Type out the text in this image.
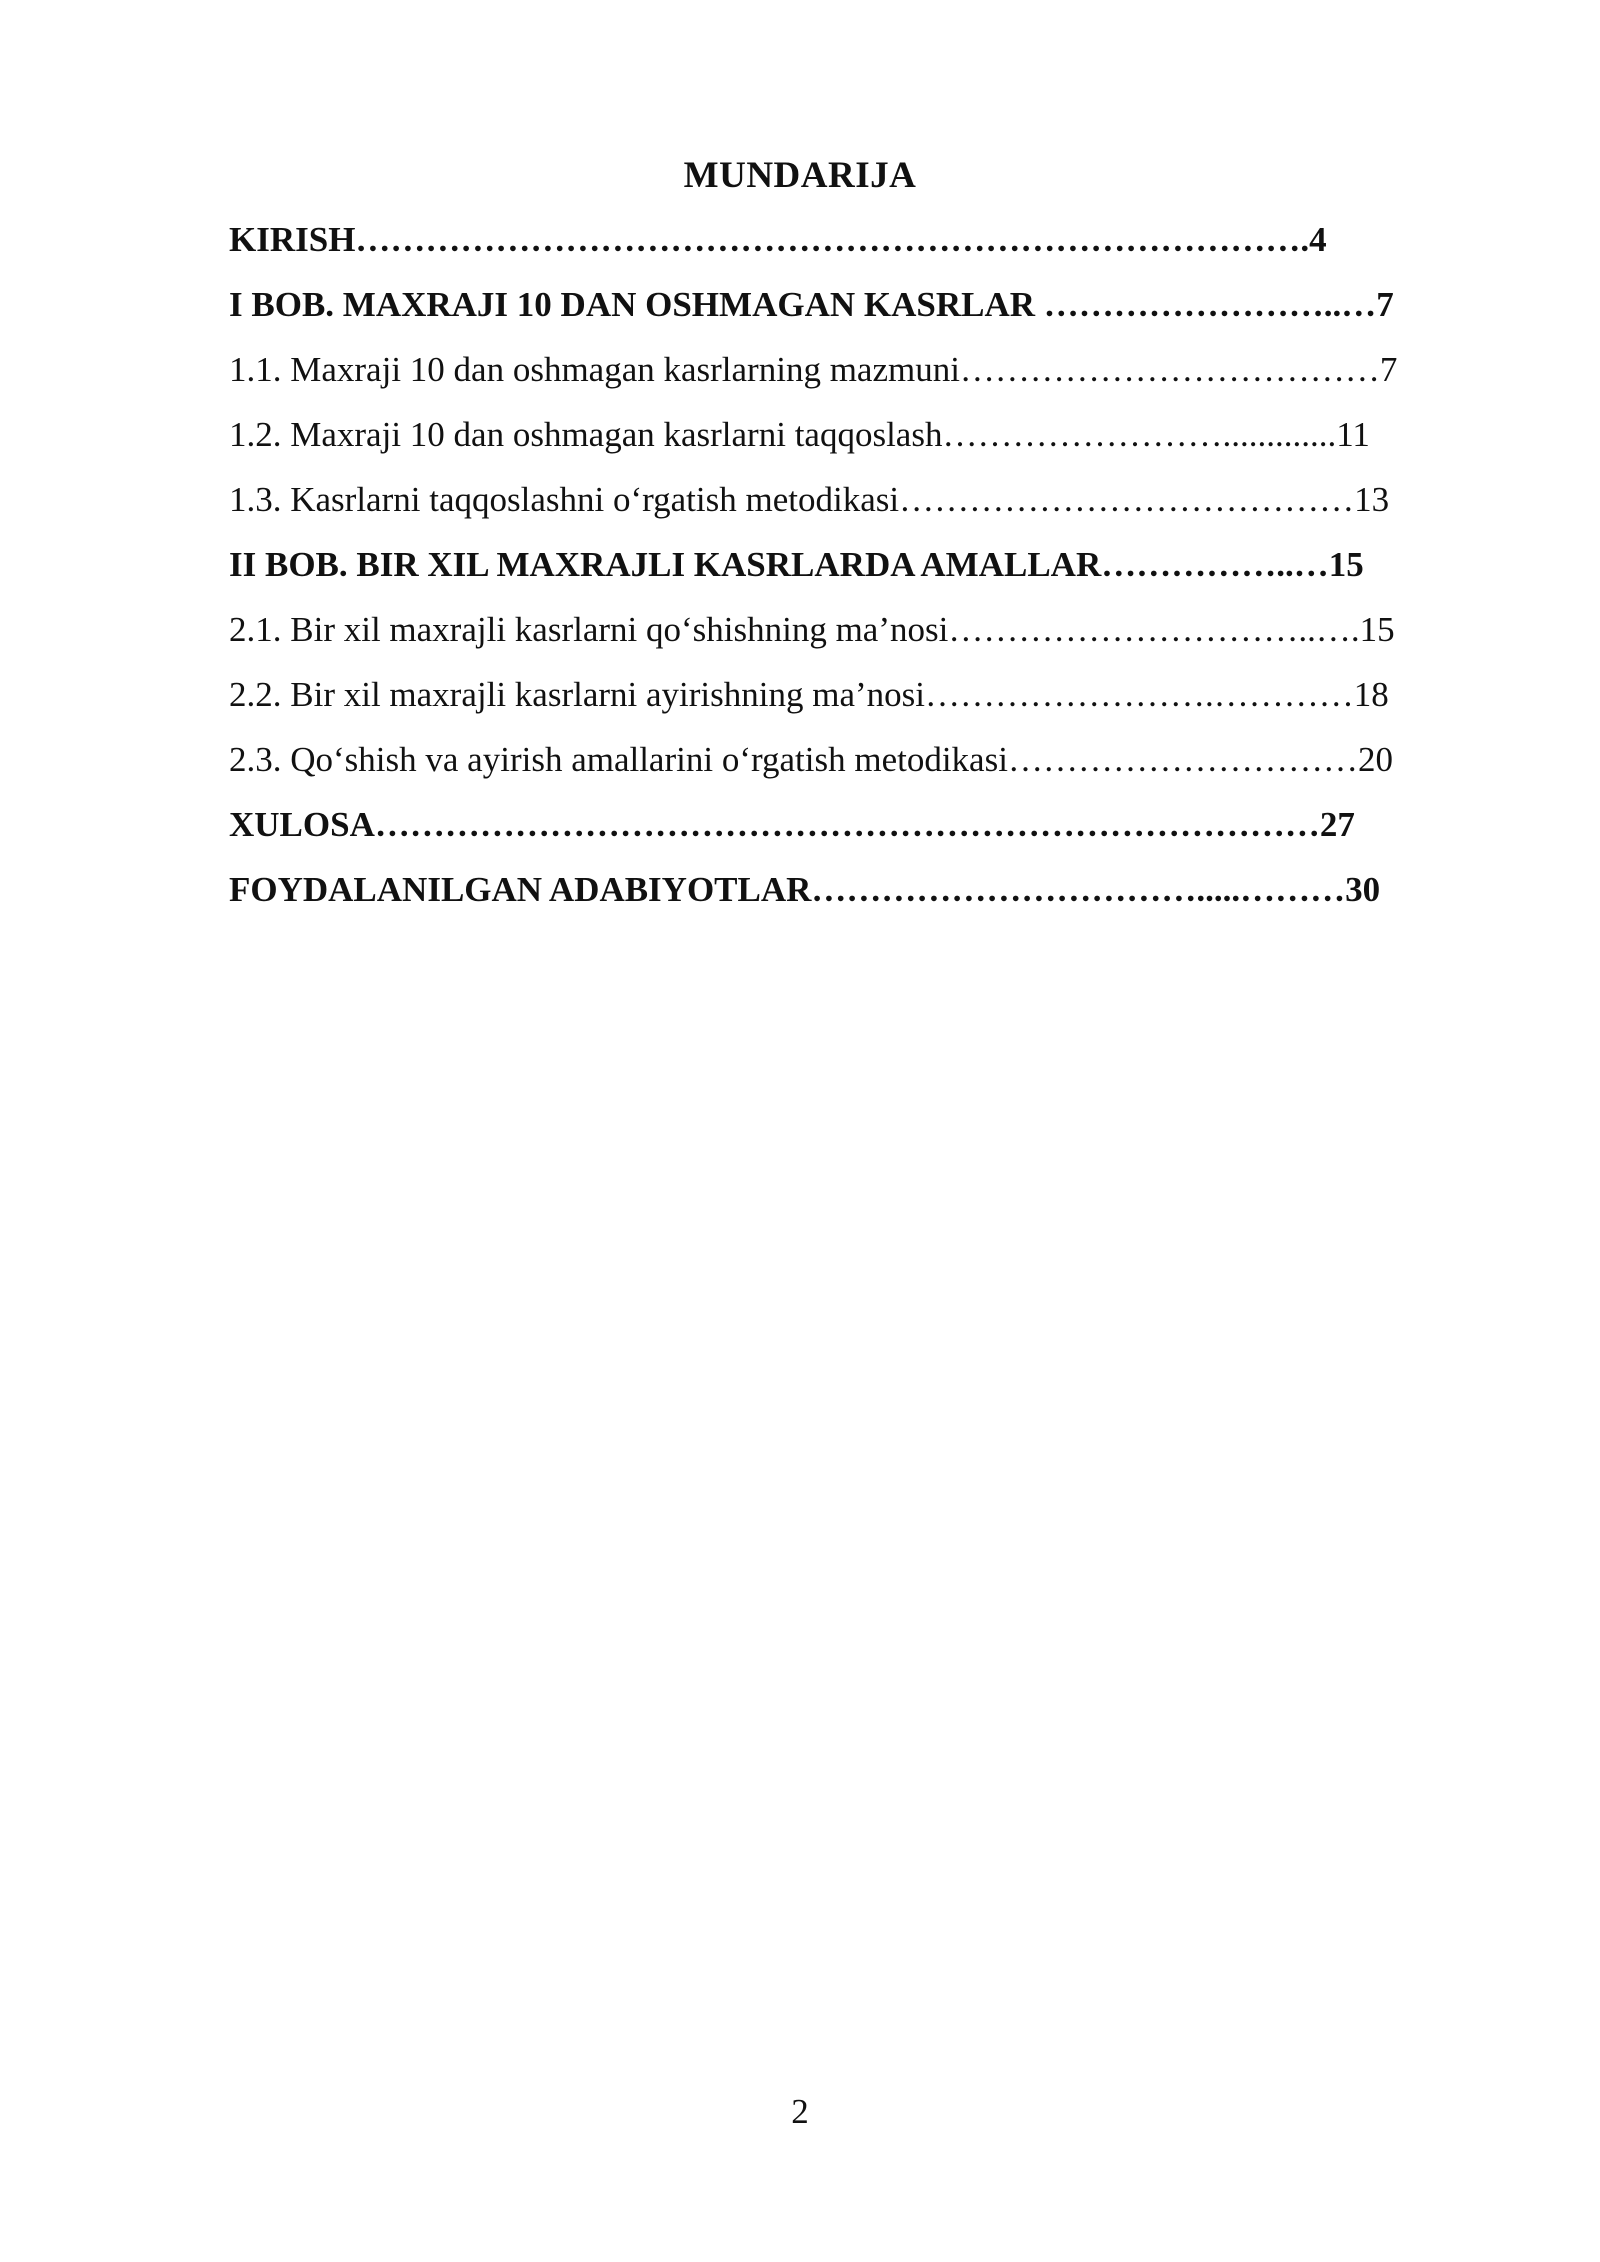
MUNDARIJA
KIRISH……………………………………………………………………….4
I BOB. MAXRAJI 10 DAN OSHMAGAN KASRLAR ……………………..…7
1.1. Maxraji 10 dan oshmagan kasrlarning mazmuni………………………………7
1.2. Maxraji 10 dan oshmagan kasrlarni taqqoslash…………………….............11
1.3. Kasrlarni taqqoslashni o‘rgatish metodikasi…………………………………13
II BOB. BIR XIL MAXRAJLI KASRLARDA AMALLAR……………..…15
2.1. Bir xil maxrajli kasrlarni qo‘shishning ma’nosi…………………………..….15
2.2. Bir xil maxrajli kasrlarni ayirishning ma’nosi…………………….…………18
2.3. Qo‘shish va ayirish amallarini o‘rgatish metodikasi…………………………20
XULOSA………………………………………………………………………27
FOYDALANILGAN ADABIYOTLAR…………………………….....………30
2
